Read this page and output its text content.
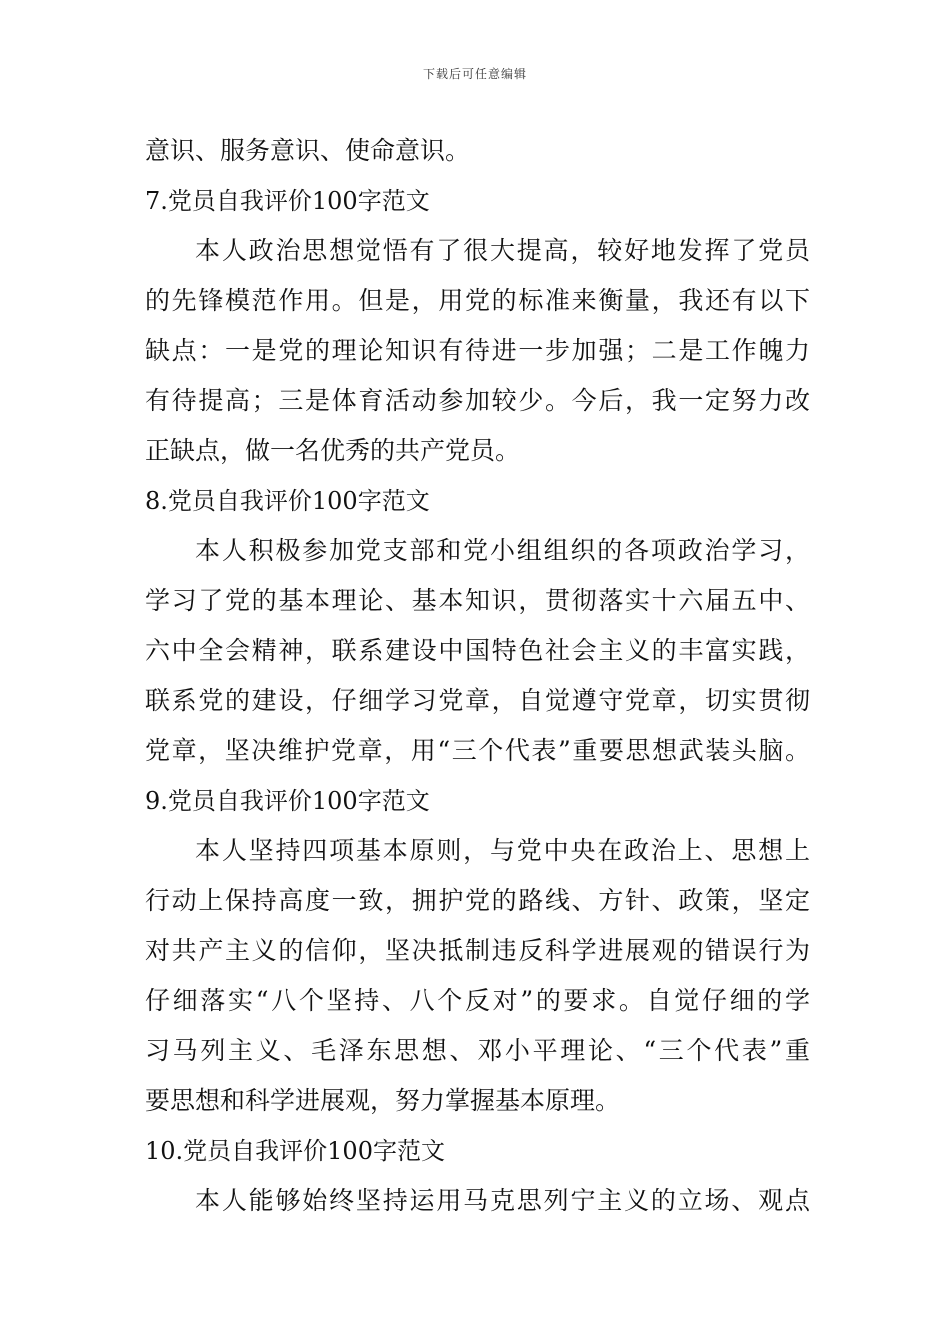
下载后可任意编辑
意识、服务意识、使命意识。
7.党员自我评价100字范文
本人政治思想觉悟有了很大提高，较好地发挥了党员
的先锋模范作用。但是，用党的标准来衡量，我还有以下
缺点：一是党的理论知识有待进一步加强；二是工作魄力
有待提高；三是体育活动参加较少。今后，我一定努力改
正缺点，做一名优秀的共产党员。
8.党员自我评价100字范文
本人积极参加党支部和党小组组织的各项政治学习，
学习了党的基本理论、基本知识，贯彻落实十六届五中、
六中全会精神，联系建设中国特色社会主义的丰富实践，
联系党的建设，仔细学习党章，自觉遵守党章，切实贯彻
党章，坚决维护党章，用“三个代表”重要思想武装头脑。
9.党员自我评价100字范文
本人坚持四项基本原则，与党中央在政治上、思想上
行动上保持高度一致，拥护党的路线、方针、政策，坚定
对共产主义的信仰，坚决抵制违反科学进展观的错误行为
仔细落实“八个坚持、八个反对”的要求。自觉仔细的学
习马列主义、毛泽东思想、邓小平理论、“三个代表”重
要思想和科学进展观，努力掌握基本原理。
10.党员自我评价100字范文
本人能够始终坚持运用马克思列宁主义的立场、观点
